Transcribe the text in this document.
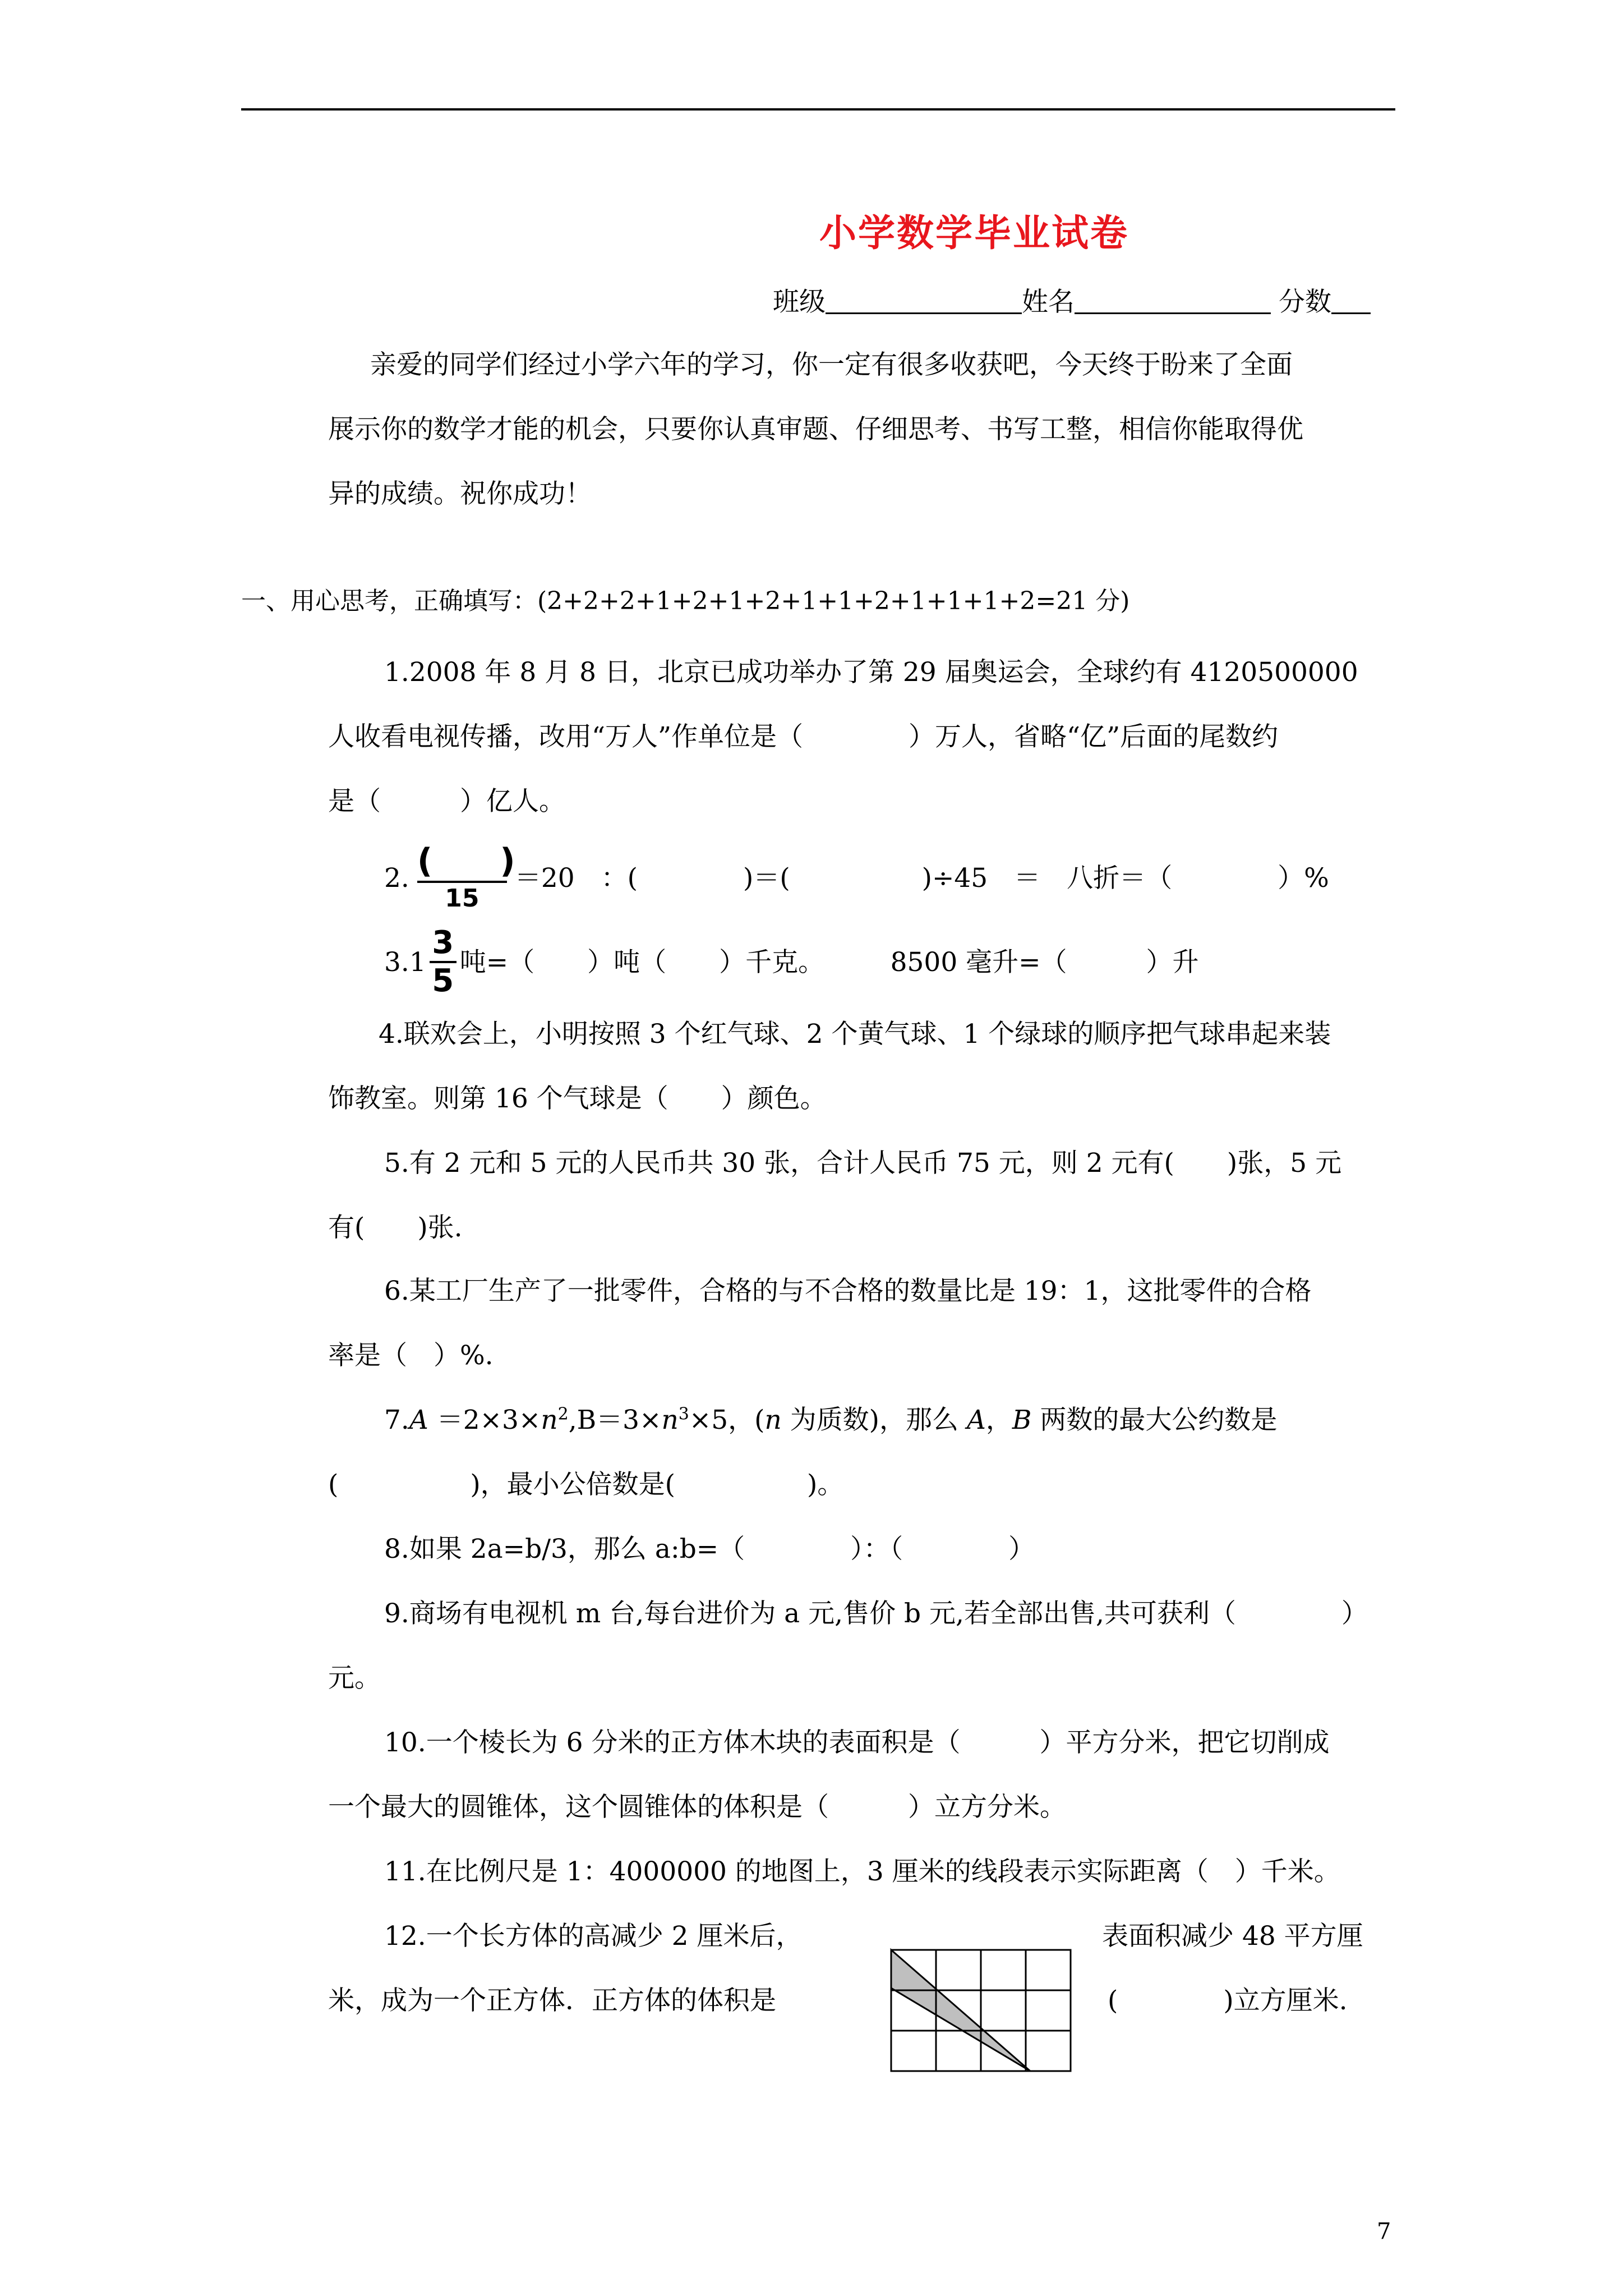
小学数学毕业试卷
班级	姓名	分数
亲爱的同学们经过小学六年的学习，你一定有很多收获吧，今天终于盼来了全面
展示你的数学才能的机会，只要你认真审题、仔细思考、书写工整，相信你能取得优
异的成绩。祝你成功！
一、用心思考，正确填写：(2+2+2+1+2+1+2+1+1+2+1+1+1+2=21 分)
1.2008 年 8 月 8 日，北京已成功举办了第 29 届奥运会，全球约有 4120500000
人收看电视传播，改用“万人”作单位是（　　　　）万人，省略“亿”后面的尾数约
是（　　　）亿人。
2. $\frac{( )}{15} =20$　：(　　　　)＝(　　　　　)÷45　＝　八折＝（　　　　）%
$3.1 \frac{3}{5}$ 吨=（　　）吨（　　）千克。　　　8500 毫升=（　　　）升
4.联欢会上，小明按照 3 个红气球、2 个黄气球、1 个绿球的顺序把气球串起来装
饰教室。则第 16 个气球是（　　）颜色。
5.有 2 元和 5 元的人民币共 30 张，合计人民币 75 元，则 2 元有(　　)张，5 元
有(　　)张.
6.某工厂生产了一批零件，合格的与不合格的数量比是 19：1，这批零件的合格
率是（　）%.
$7.A =2\times 3\times n^2,B=3\times n^3\times 5$，(n 为质数)，那么 A，B 两数的最大公约数是
(　　　　　)，最小公倍数是(　　　　　)。
8.如果 2a=b/3，那么 a:b=（　　　　）：（　　　　）
9.商场有电视机 m 台,每台进价为 a 元,售价 b 元,若全部出售,共可获利（　　　　）
元。
10.一个棱长为 6 分米的正方体木块的表面积是（　　　）平方分米，把它切削成
一个最大的圆锥体，这个圆锥体的体积是（　　　）立方分米。
11.在比例尺是 1：4000000 的地图上，3 厘米的线段表示实际距离（　）千米。
12.一个长方体的高减少 2 厘米后，	表面积减少 48 平方厘
米，成为一个正方体．正方体的体积是	(　　　　)立方厘米.
7
